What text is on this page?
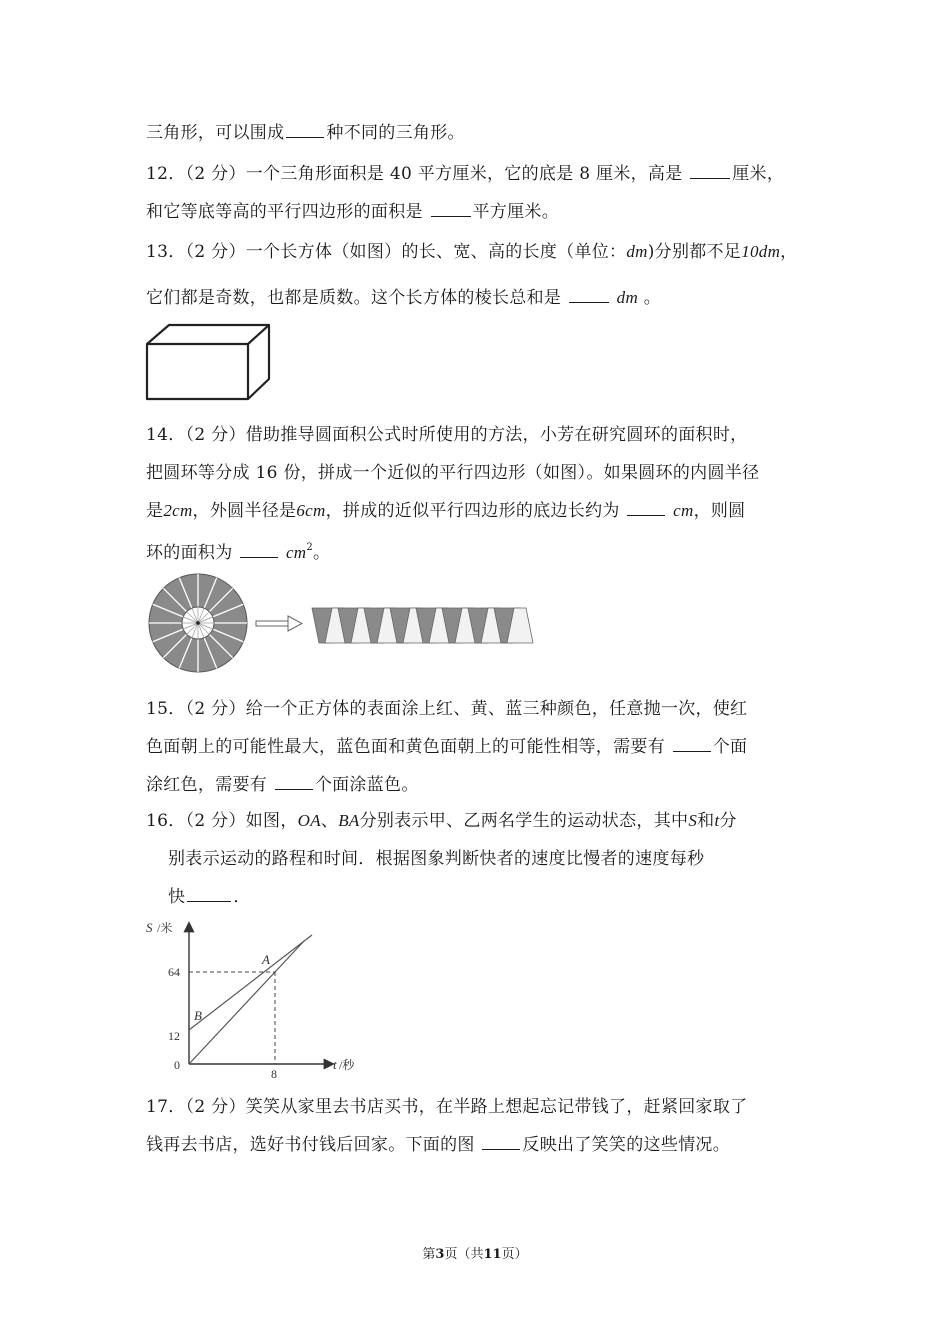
三角形，可以围成 种不同的三角形。
12．（2 分）一个三角形面积是 40 平方厘米，它的底是 8 厘米，高是	厘米，
和它等底等高的平行四边形的面积是	平方厘米。
13．（2 分）一个长方体（如图）的长、宽、高的长度（单位：dm)分别都不足10dm，
它们都是奇数，也都是质数。这个长方体的棱长总和是	dm 。
14．（2 分）借助推导圆面积公式时所使用的方法，小芳在研究圆环的面积时，
把圆环等分成 16 份，拼成一个近似的平行四边形（如图）。如果圆环的内圆半径
是2cm，外圆半径是6cm，拼成的近似平行四边形的底边长约为	cm，则圆
环的面积为	$cm^2$。
15．（2 分）给一个正方体的表面涂上红、黄、蓝三种颜色，任意抛一次，使红
色面朝上的可能性最大，蓝色面和黄色面朝上的可能性相等，需要有	个面
涂红色，需要有	个面涂蓝色。
16．（2 分）如图，OA、BA分别表示甲、乙两名学生的运动状态，其中S和t分
别表示运动的路程和时间．根据图象判断快者的速度比慢者的速度每秒
快	．
S /米
t /秒
0
64
12
8
A
B
17．（2 分）笑笑从家里去书店买书，在半路上想起忘记带钱了，赶紧回家取了
钱再去书店，选好书付钱后回家。下面的图	反映出了笑笑的这些情况。
第3页（共11页）
